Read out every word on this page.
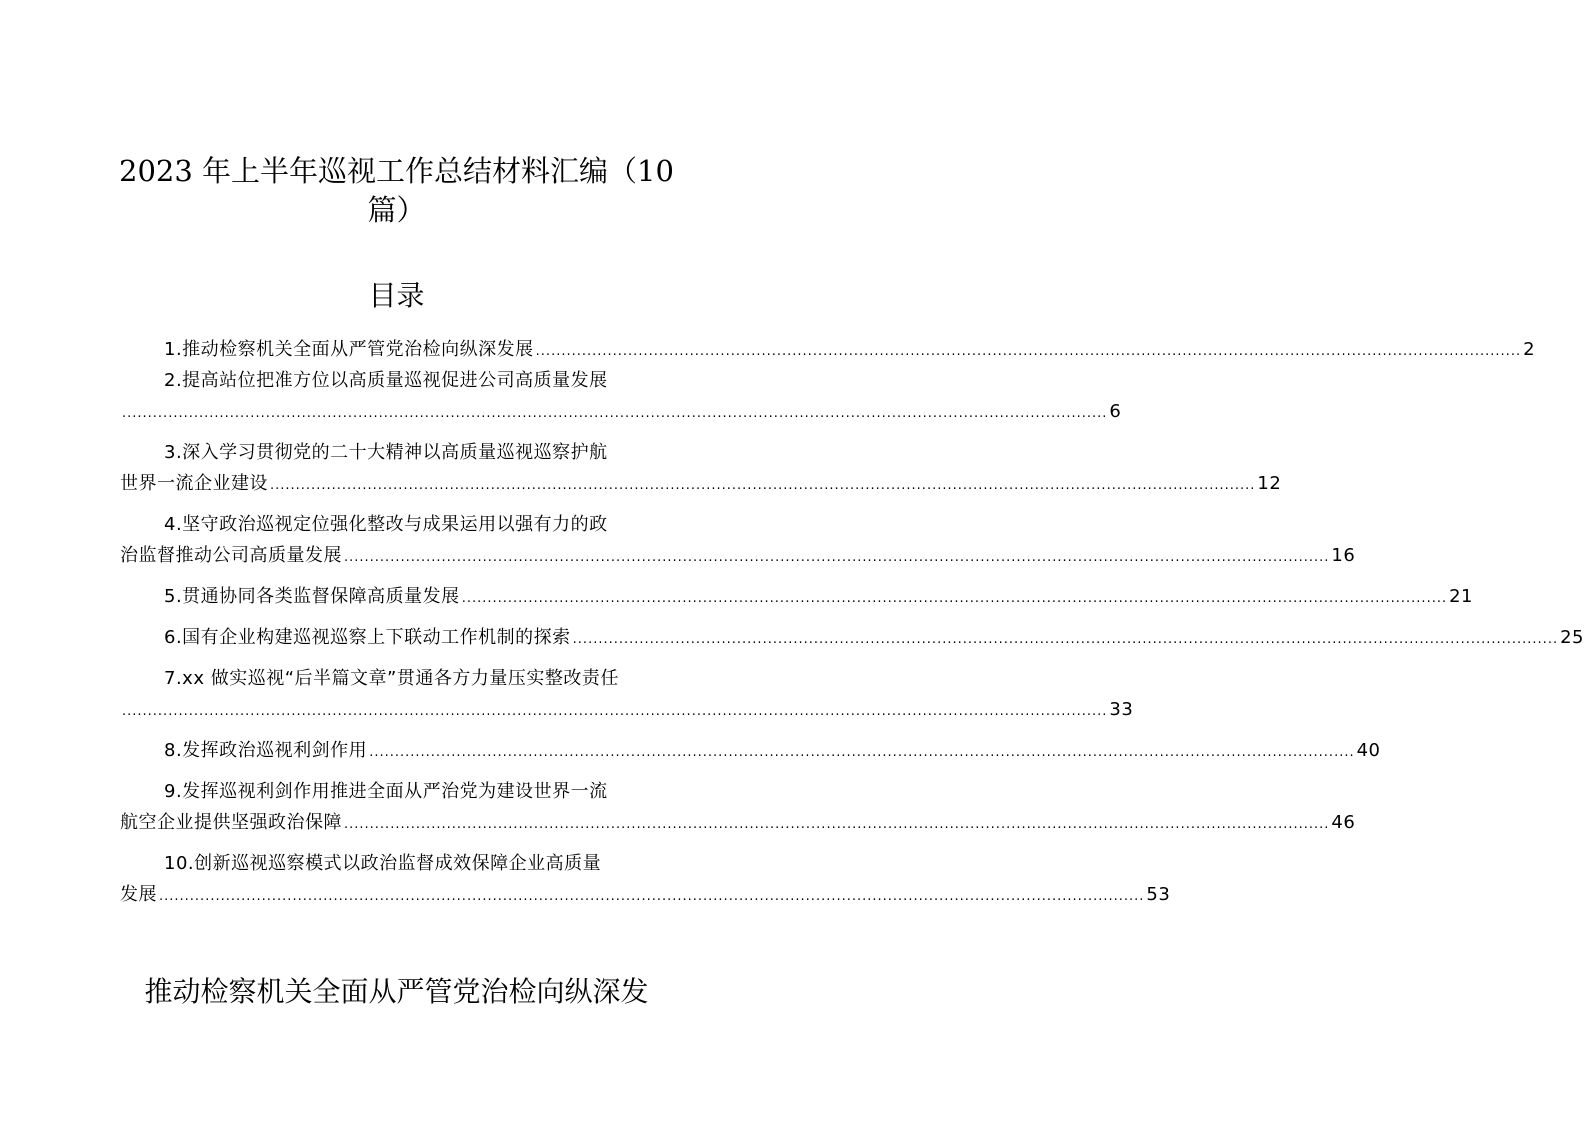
2023 年上半年巡视工作总结材料汇编（10
篇）
目录
1.推动检察机关全面从严管党治检向纵深发展 ................................................................................................................................................................................................ 2
2.提高站位把准方位以高质量巡视促进公司高质量发展
................................................................................................................................................................................................ 6
3.深入学习贯彻党的二十大精神以高质量巡视巡察护航
世界一流企业建设 ................................................................................................................................................................................................ 12
4.坚守政治巡视定位强化整改与成果运用以强有力的政
治监督推动公司高质量发展 ................................................................................................................................................................................................ 16
5.贯通协同各类监督保障高质量发展 ................................................................................................................................................................................................ 21
6.国有企业构建巡视巡察上下联动工作机制的探索 ................................................................................................................................................................................................ 25
7.xx 做实巡视“后半篇文章”贯通各方力量压实整改责任
................................................................................................................................................................................................ 33
8.发挥政治巡视利剑作用 ................................................................................................................................................................................................ 40
9.发挥巡视利剑作用推进全面从严治党为建设世界一流
航空企业提供坚强政治保障 ................................................................................................................................................................................................ 46
10.创新巡视巡察模式以政治监督成效保障企业高质量
发展 ................................................................................................................................................................................................ 53
推动检察机关全面从严管党治检向纵深发
